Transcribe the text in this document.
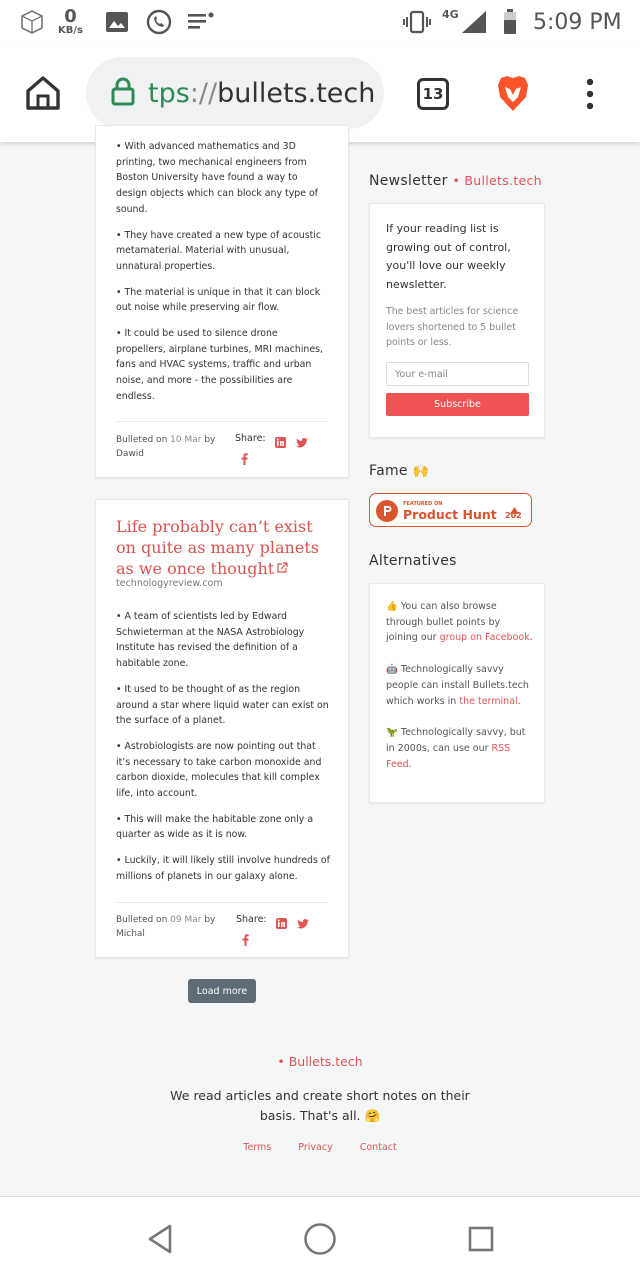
0
KB/s
4G	5:09 PM
tps://bullets.tech	13

• With advanced mathematics and 3D printing, two mechanical engineers from Boston University have found a way to design objects which can block any type of sound.

• They have created a new type of acoustic metamaterial. Material with unusual, unnatural properties.

• The material is unique in that it can block out noise while preserving air flow.

• It could be used to silence drone propellers, airplane turbines, MRI machines, fans and HVAC systems, traffic and urban noise, and more - the possibilities are endless.

Bulleted on 10 Mar by
Dawid
Share:
Life probably can’t exist on quite as many planets as we once thought
technologyreview.com

• A team of scientists led by Edward Schwieterman at the NASA Astrobiology Institute has revised the definition of a habitable zone.

• It used to be thought of as the region around a star where liquid water can exist on the surface of a planet.

• Astrobiologists are now pointing out that it’s necessary to take carbon monoxide and carbon dioxide, molecules that kill complex life, into account.

• This will make the habitable zone only a quarter as wide as it is now.

• Luckily, it will likely still involve hundreds of millions of planets in our galaxy alone.

Bulleted on 09 Mar by
Michal
Share:
Load more
Newsletter • Bullets.tech

If your reading list is growing out of control, you'll love our weekly newsletter.

The best articles for science lovers shortened to 5 bullet points or less.

Your e-mail
Subscribe
Fame 🙌
FEATURED ON
Product Hunt 202
Alternatives

👍 You can also browse through bullet points by joining our group on Facebook.

🤖 Technologically savvy people can install Bullets.tech which works in the terminal.

🦖 Technologically savvy, but in 2000s, can use our RSS Feed.

• Bullets.tech
We read articles and create short notes on their basis. That's all. 🤗
Terms	Privacy	Contact
